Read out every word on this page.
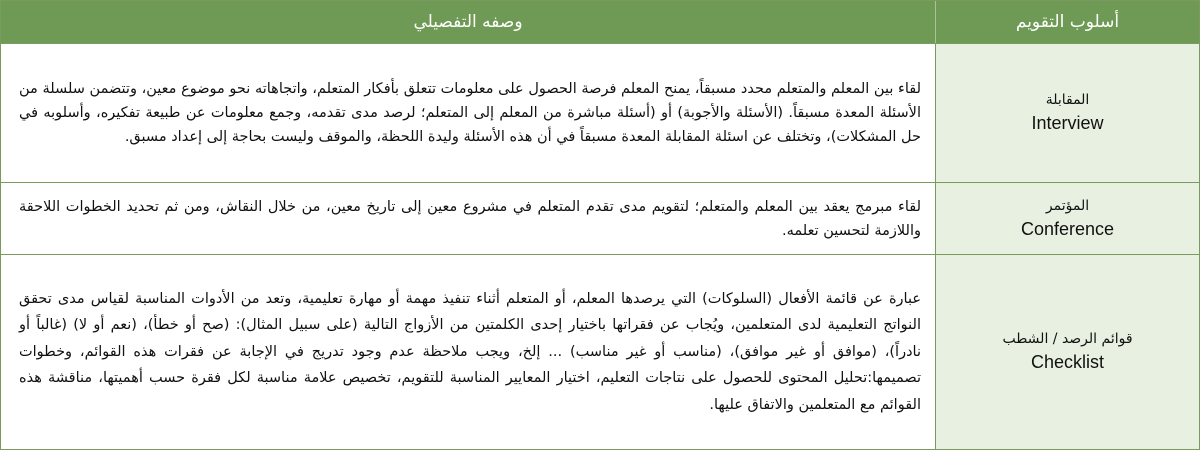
أسلوب التقويم
وصفه التفصيلي
المقابلة
Interview
لقاء بين المعلم والمتعلم محدد مسبقاً، يمنح المعلم فرصة الحصول على معلومات تتعلق بأفكار المتعلم، واتجاهاته نحو موضوع معين، وتتضمن سلسلة من الأسئلة المعدة مسبقاً. (الأسئلة والأجوبة) أو (أسئلة مباشرة من المعلم إلى المتعلم؛ لرصد مدى تقدمه، وجمع معلومات عن طبيعة تفكيره، وأسلوبه في حل المشكلات)، وتختلف عن اسئلة المقابلة المعدة مسبقاً في أن هذه الأسئلة وليدة اللحظة، والموقف وليست بحاجة إلى إعداد مسبق.
المؤتمر
Conference
لقاء مبرمج يعقد بين المعلم والمتعلم؛ لتقويم مدى تقدم المتعلم في مشروع معين إلى تاريخ معين، من خلال النقاش، ومن ثم تحديد الخطوات اللاحقة واللازمة لتحسين تعلمه.
قوائم الرصد / الشطب
Checklist
عبارة عن قائمة الأفعال (السلوكات) التي يرصدها المعلم، أو المتعلم أثناء تنفيذ مهمة أو مهارة تعليمية، وتعد من الأدوات المناسبة لقياس مدى تحقق النواتج التعليمية لدى المتعلمين، ويُجاب عن فقراتها باختيار إحدى الكلمتين من الأزواج التالية (على سبيل المثال): (صح أو خطأ)، (نعم أو لا) (غالباً أو نادراً)، (موافق أو غير موافق)، (مناسب أو غير مناسب) ... إلخ، ويجب ملاحظة عدم وجود تدريج في الإجابة عن فقرات هذه القوائم، وخطوات تصميمها:تحليل المحتوى للحصول على نتاجات التعليم، اختيار المعايير المناسبة للتقويم، تخصيص علامة مناسبة لكل فقرة حسب أهميتها، مناقشة هذه القوائم مع المتعلمين والاتفاق عليها.
